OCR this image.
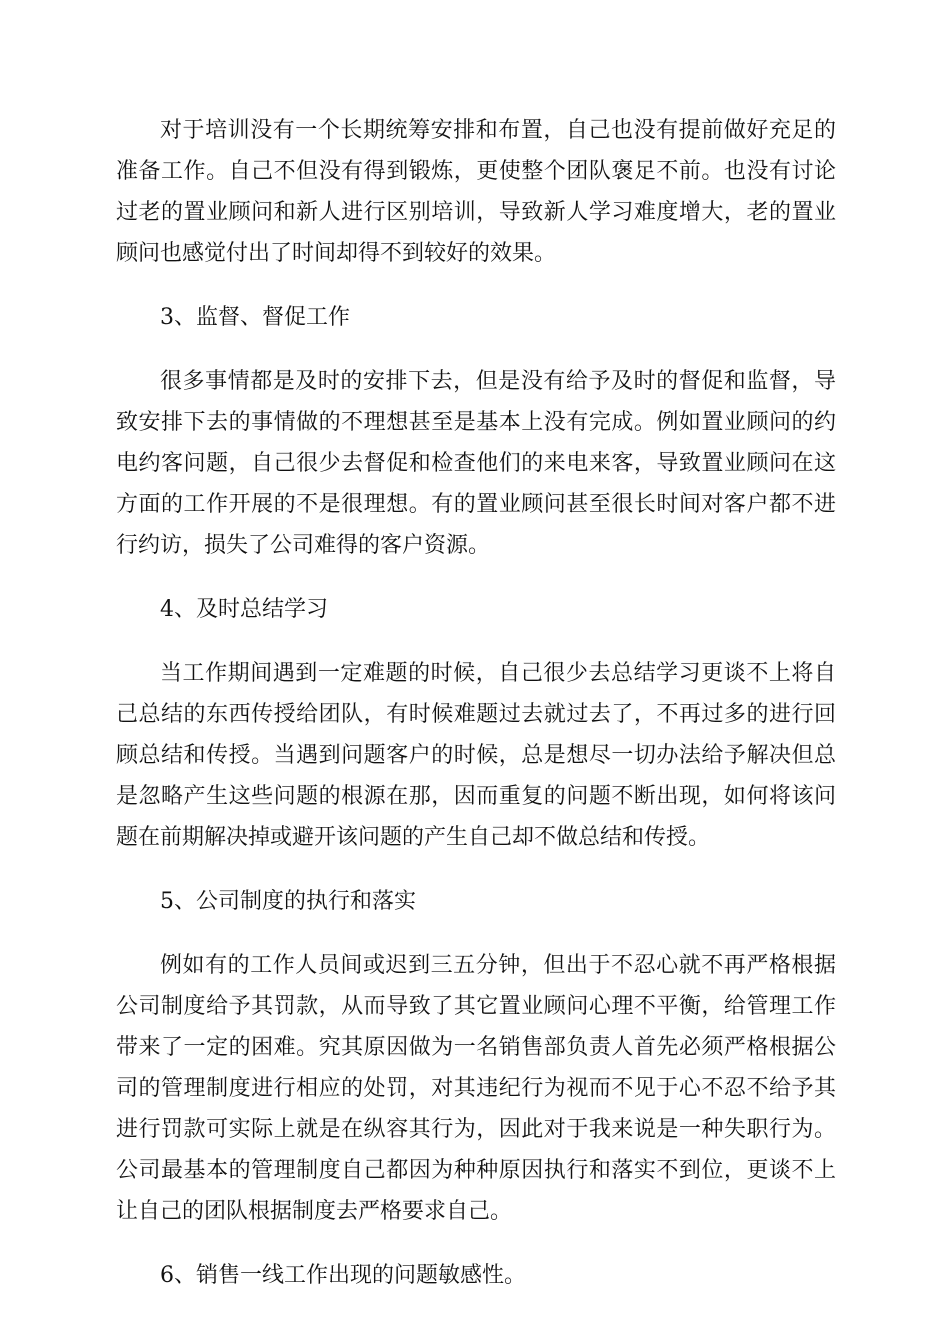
对于培训没有一个长期统筹安排和布置，自己也没有提前做好充足的准备工作。自己不但没有得到锻炼，更使整个团队褒足不前。也没有讨论过老的置业顾问和新人进行区别培训，导致新人学习难度增大，老的置业顾问也感觉付出了时间却得不到较好的效果。

3、监督、督促工作

很多事情都是及时的安排下去，但是没有给予及时的督促和监督，导致安排下去的事情做的不理想甚至是基本上没有完成。例如置业顾问的约电约客问题，自己很少去督促和检查他们的来电来客，导致置业顾问在这方面的工作开展的不是很理想。有的置业顾问甚至很长时间对客户都不进行约访，损失了公司难得的客户资源。

4、及时总结学习

当工作期间遇到一定难题的时候，自己很少去总结学习更谈不上将自己总结的东西传授给团队，有时候难题过去就过去了，不再过多的进行回顾总结和传授。当遇到问题客户的时候，总是想尽一切办法给予解决但总是忽略产生这些问题的根源在那，因而重复的问题不断出现，如何将该问题在前期解决掉或避开该问题的产生自己却不做总结和传授。

5、公司制度的执行和落实

例如有的工作人员间或迟到三五分钟，但出于不忍心就不再严格根据公司制度给予其罚款，从而导致了其它置业顾问心理不平衡，给管理工作带来了一定的困难。究其原因做为一名销售部负责人首先必须严格根据公司的管理制度进行相应的处罚，对其违纪行为视而不见于心不忍不给予其进行罚款可实际上就是在纵容其行为，因此对于我来说是一种失职行为。公司最基本的管理制度自己都因为种种原因执行和落实不到位，更谈不上让自己的团队根据制度去严格要求自己。

6、销售一线工作出现的问题敏感性。
